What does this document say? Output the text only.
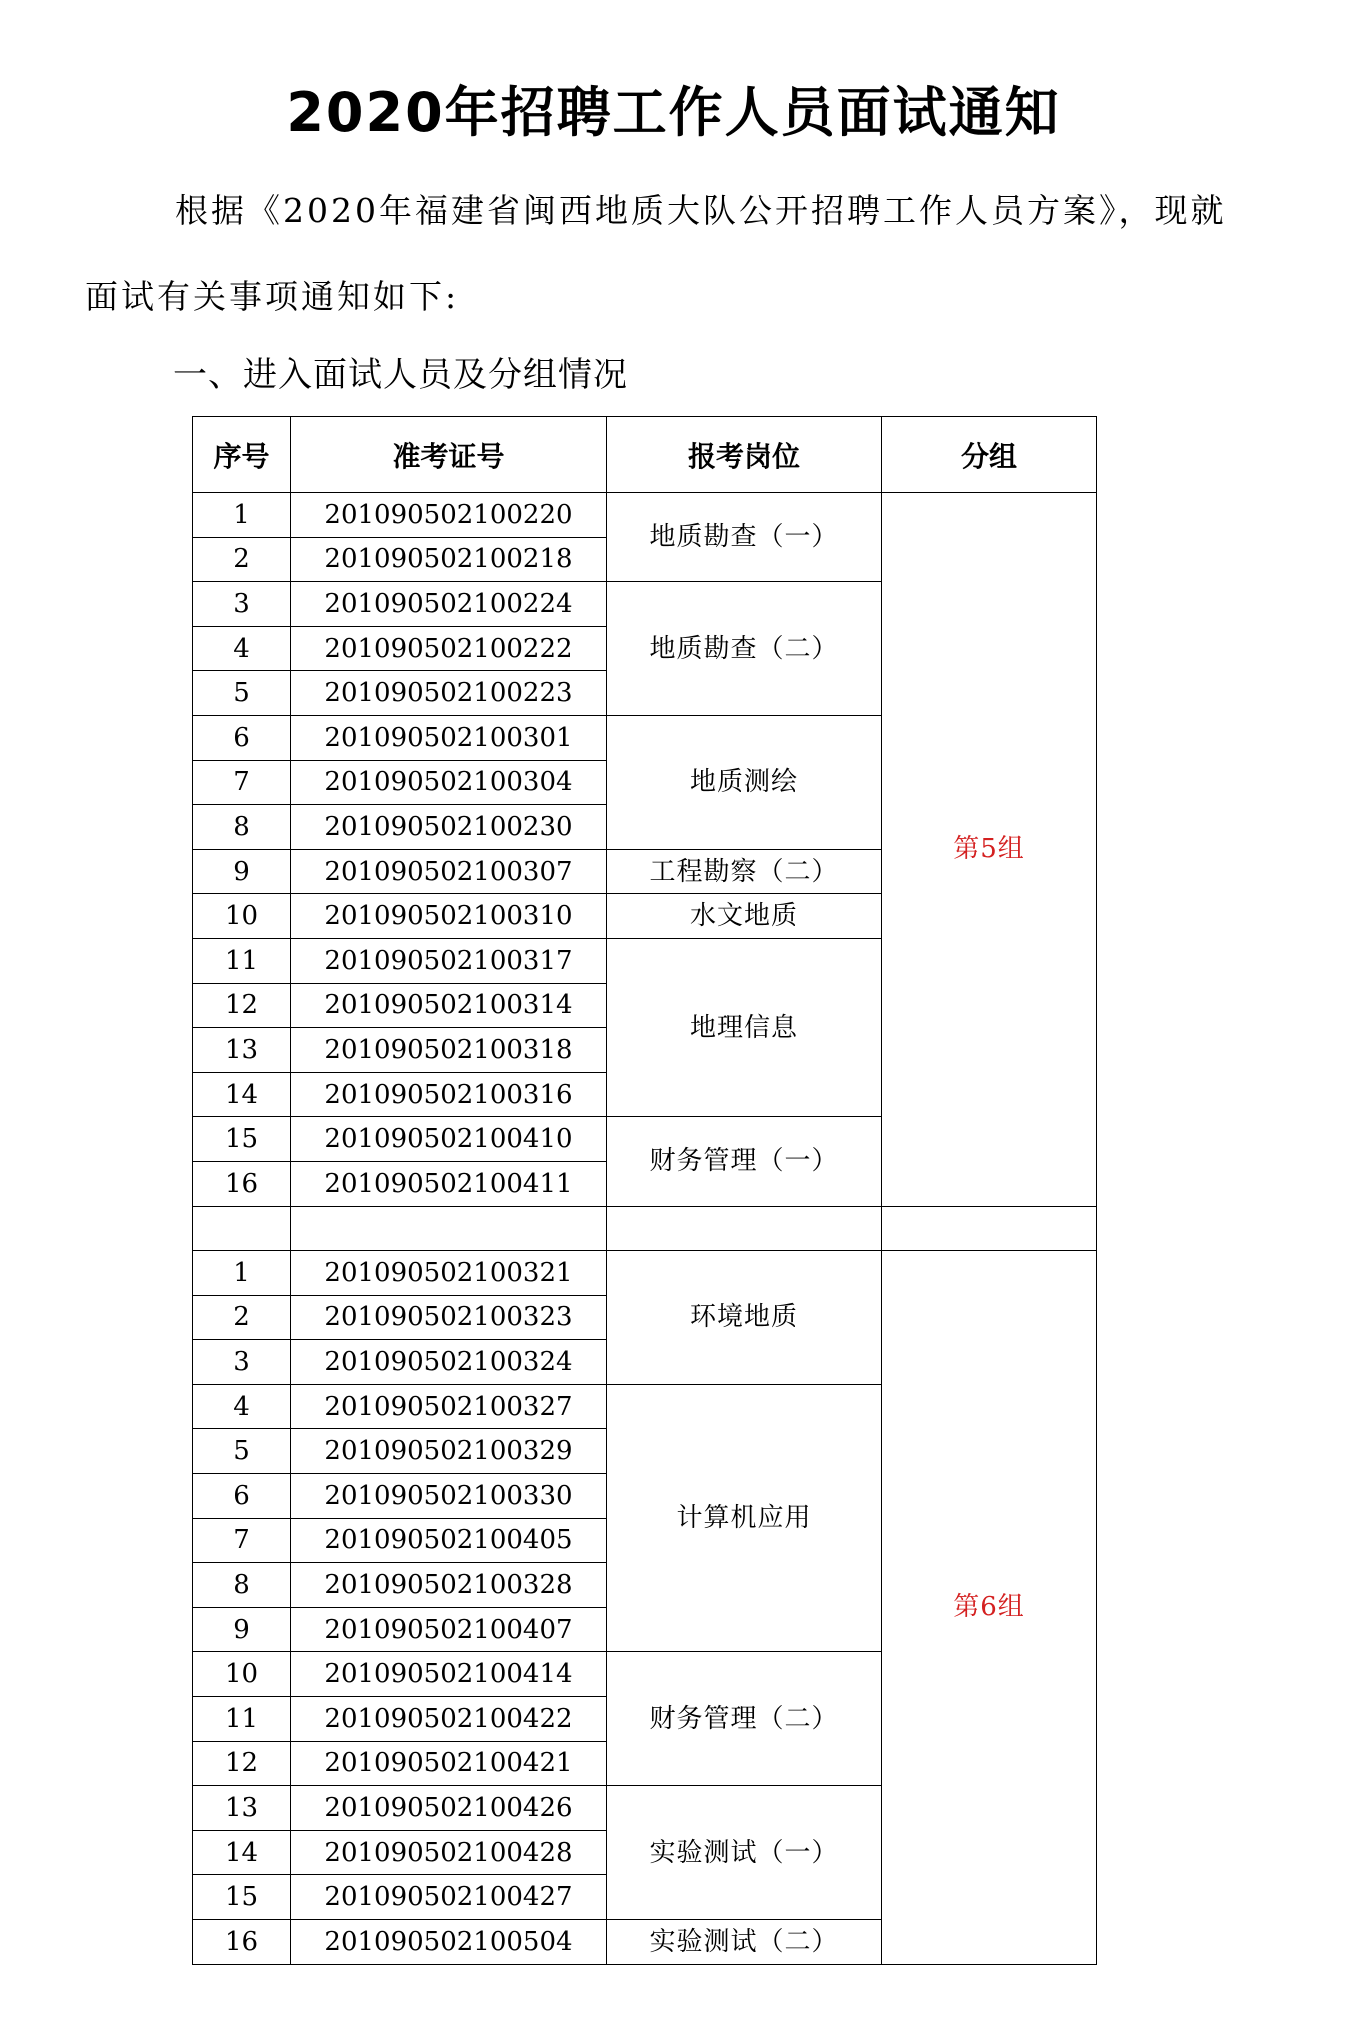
2020年招聘工作人员面试通知

根据《2020年福建省闽西地质大队公开招聘工作人员方案》，现就面试有关事项通知如下:

一、进入面试人员及分组情况
序号	准考证号	报考岗位	分组
1	201090502100220	地质勘查（一）	第5组
2	201090502100218		
3	201090502100224	地质勘查（二）	
4	201090502100222		
5	201090502100223		
6	201090502100301	地质测绘	
7	201090502100304		
8	201090502100230		
9	201090502100307	工程勘察（二）	
10	201090502100310	水文地质	
11	201090502100317	地理信息	
12	201090502100314		
13	201090502100318		
14	201090502100316		
15	201090502100410	财务管理（一）	
16	201090502100411		

1	201090502100321	环境地质	第6组
2	201090502100323		
3	201090502100324		
4	201090502100327	计算机应用	
5	201090502100329		
6	201090502100330		
7	201090502100405		
8	201090502100328		
9	201090502100407		
10	201090502100414	财务管理（二）	
11	201090502100422		
12	201090502100421		
13	201090502100426	实验测试（一）	
14	201090502100428		
15	201090502100427		
16	201090502100504	实验测试（二）	
